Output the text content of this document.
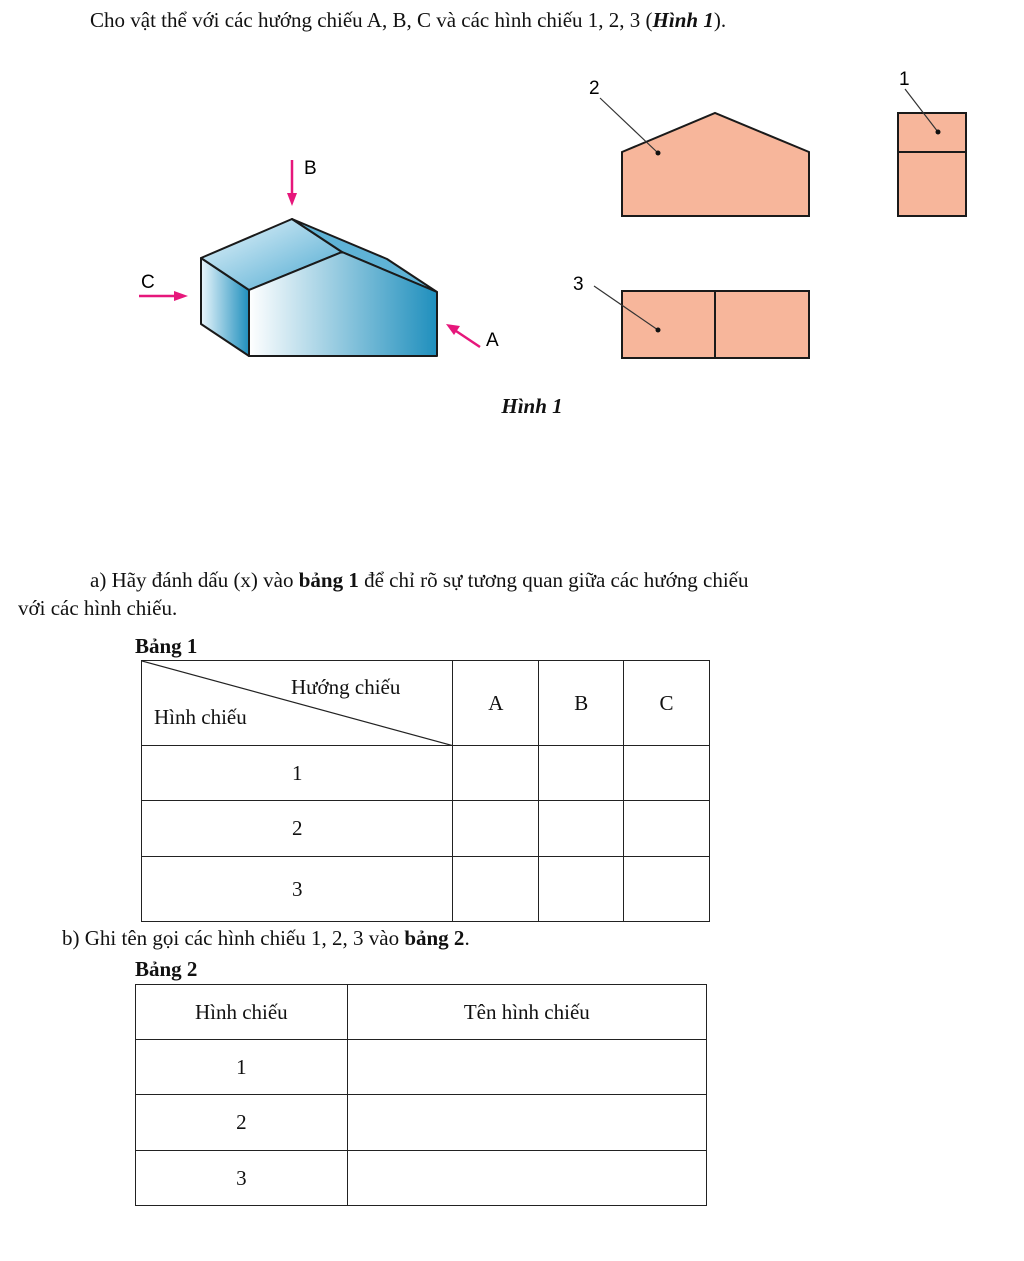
Cho vật thể với các hướng chiếu A, B, C và các hình chiếu 1, 2, 3 (Hình 1).
B
C
A
2	1
3
Hình 1
a) Hãy đánh dấu (x) vào bảng 1 để chỉ rõ sự tương quan giữa các hướng chiếu
với các hình chiếu.
Bảng 1
Hướng chiếu
Hình chiếu	A	B	C
1			
2			
3			
b) Ghi tên gọi các hình chiếu 1, 2, 3 vào bảng 2.
Bảng 2
Hình chiếu	Tên hình chiếu
1	
2	
3	
